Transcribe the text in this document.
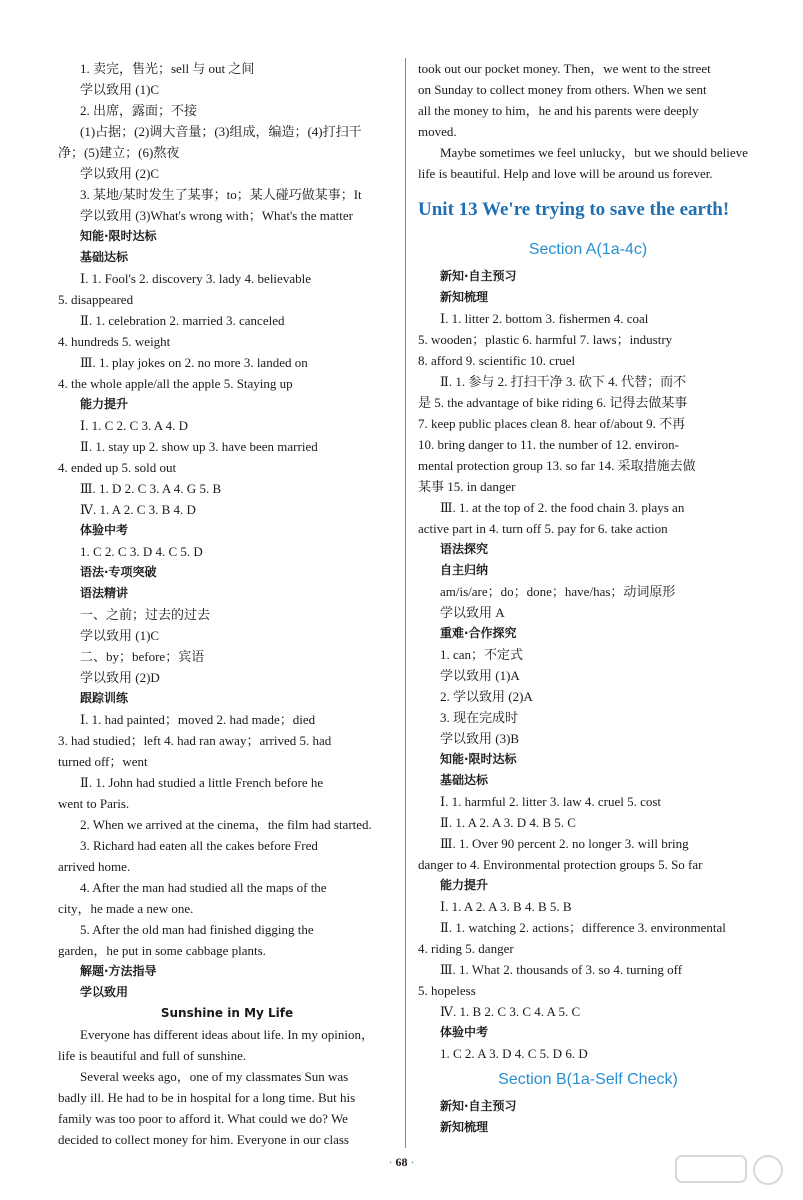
1. 卖完，售光；sell 与 out 之间
学以致用 (1)C
2. 出席，露面；不接
(1)占据；(2)调大音量；(3)组成，编造；(4)打扫干
净；(5)建立；(6)熬夜
学以致用 (2)C
3. 某地/某时发生了某事；to；某人碰巧做某事；It
学以致用 (3)What's wrong with；What's the matter
知能·限时达标
基础达标
Ⅰ. 1. Fool's 2. discovery 3. lady 4. believable
5. disappeared
Ⅱ. 1. celebration 2. married 3. canceled
4. hundreds 5. weight
Ⅲ. 1. play jokes on 2. no more 3. landed on
4. the whole apple/all the apple 5. Staying up
能力提升
Ⅰ. 1. C 2. C 3. A 4. D
Ⅱ. 1. stay up 2. show up 3. have been married
4. ended up 5. sold out
Ⅲ. 1. D 2. C 3. A 4. G 5. B
Ⅳ. 1. A 2. C 3. B 4. D
体验中考
1. C 2. C 3. D 4. C 5. D
语法·专项突破
语法精讲
一、之前；过去的过去
学以致用 (1)C
二、by；before；宾语
学以致用 (2)D
跟踪训练
Ⅰ. 1. had painted；moved 2. had made；died
3. had studied；left 4. had ran away；arrived 5. had
turned off；went
Ⅱ. 1. John had studied a little French before he
went to Paris.
2. When we arrived at the cinema，the film had started.
3. Richard had eaten all the cakes before Fred
arrived home.
4. After the man had studied all the maps of the
city，he made a new one.
5. After the old man had finished digging the
garden，he put in some cabbage plants.
解题·方法指导
学以致用
Sunshine in My Life
Everyone has different ideas about life. In my opinion，
life is beautiful and full of sunshine.
Several weeks ago，one of my classmates Sun was
badly ill. He had to be in hospital for a long time. But his
family was too poor to afford it. What could we do? We
decided to collect money for him. Everyone in our class
took out our pocket money. Then，we went to the street
on Sunday to collect money from others. When we sent
all the money to him，he and his parents were deeply
moved.
Maybe sometimes we feel unlucky，but we should believe
life is beautiful. Help and love will be around us forever.
Unit 13 We're trying to save the earth!
Section A(1a-4c)
新知·自主预习
新知梳理
Ⅰ. 1. litter 2. bottom 3. fishermen 4. coal
5. wooden；plastic 6. harmful 7. laws；industry
8. afford 9. scientific 10. cruel
Ⅱ. 1. 参与 2. 打扫干净 3. 砍下 4. 代替；而不
是 5. the advantage of bike riding 6. 记得去做某事
7. keep public places clean 8. hear of/about 9. 不再
10. bring danger to 11. the number of 12. environ-
mental protection group 13. so far 14. 采取措施去做
某事 15. in danger
Ⅲ. 1. at the top of 2. the food chain 3. plays an
active part in 4. turn off 5. pay for 6. take action
语法探究
自主归纳
am/is/are；do；done；have/has；动词原形
学以致用 A
重难·合作探究
1. can；不定式
学以致用 (1)A
2. 学以致用 (2)A
3. 现在完成时
学以致用 (3)B
知能·限时达标
基础达标
Ⅰ. 1. harmful 2. litter 3. law 4. cruel 5. cost
Ⅱ. 1. A 2. A 3. D 4. B 5. C
Ⅲ. 1. Over 90 percent 2. no longer 3. will bring
danger to 4. Environmental protection groups 5. So far
能力提升
Ⅰ. 1. A 2. A 3. B 4. B 5. B
Ⅱ. 1. watching 2. actions；difference 3. environmental
4. riding 5. danger
Ⅲ. 1. What 2. thousands of 3. so 4. turning off
5. hopeless
Ⅳ. 1. B 2. C 3. C 4. A 5. C
体验中考
1. C 2. A 3. D 4. C 5. D 6. D
Section B(1a-Self Check)
新知·自主预习
新知梳理
· 68 ·
